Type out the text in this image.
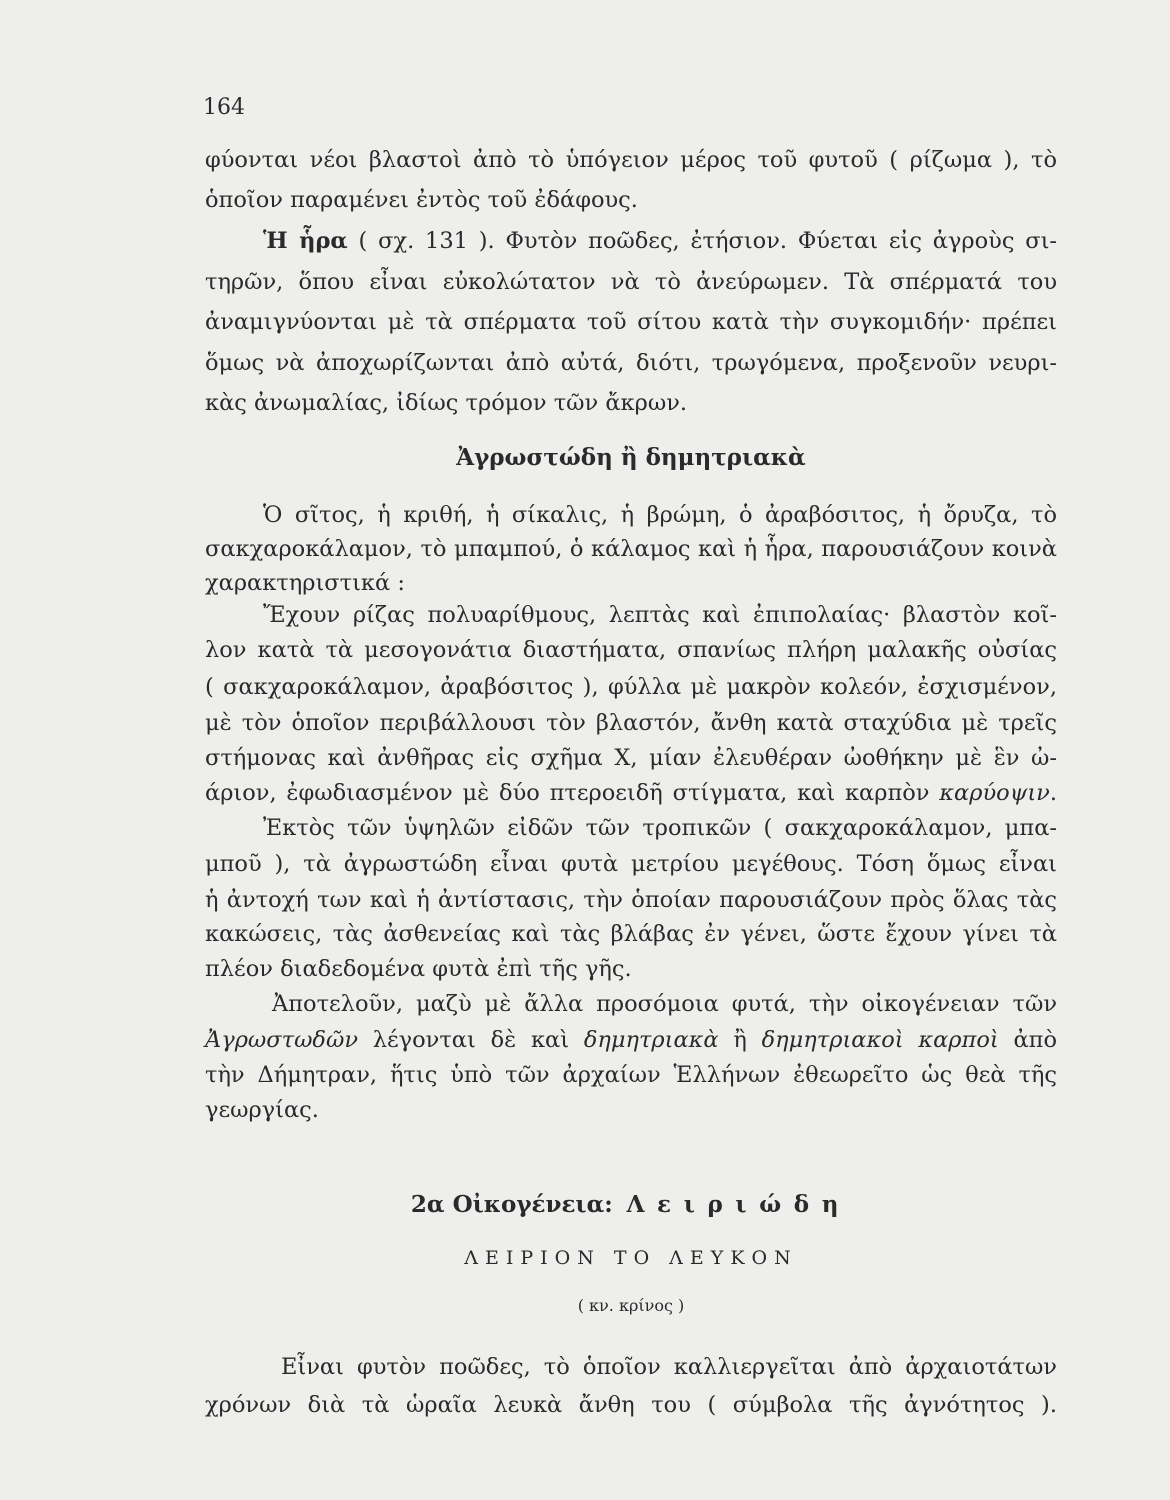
164
Ἀγρωστώδη ἢ δημητριακὰ
2α Οἰκογένεια: Λειριώδη
ΛΕΙΡΙΟΝ ΤΟ ΛΕΥΚΟΝ
( κν. κρίνος )
φύονται νέοι βλαστοὶ ἀπὸ τὸ ὑπόγειον μέρος τοῦ φυτοῦ ( ρίζωμα ), τὸ
ὁποῖον παραμένει ἐντὸς τοῦ ἐδάφους.
Ἡ ἧρα ( σχ. 131 ). Φυτὸν ποῶδες, ἐτήσιον. Φύεται εἰς ἀγροὺς σι-
τηρῶν, ὅπου εἶναι εὐκολώτατον νὰ τὸ ἀνεύρωμεν. Τὰ σπέρματά του
ἀναμιγνύονται μὲ τὰ σπέρματα τοῦ σίτου κατὰ τὴν συγκομιδήν· πρέπει
ὅμως νὰ ἀποχωρίζωνται ἀπὸ αὐτά, διότι, τρωγόμενα, προξενοῦν νευρι-
κὰς ἀνωμαλίας, ἰδίως τρόμον τῶν ἄκρων.
Ὁ σῖτος, ἡ κριθή, ἡ σίκαλις, ἡ βρώμη, ὁ ἀραβόσιτος, ἡ ὄρυζα, τὸ
σακχαροκάλαμον, τὸ μπαμπού, ὁ κάλαμος καὶ ἡ ἧρα, παρουσιάζουν κοινὰ
χαρακτηριστικά :
Ἔχουν ρίζας πολυαρίθμους, λεπτὰς καὶ ἐπιπολαίας· βλαστὸν κοῖ-
λον κατὰ τὰ μεσογονάτια διαστήματα, σπανίως πλήρη μαλακῆς οὐσίας
( σακχαροκάλαμον, ἀραβόσιτος ), φύλλα μὲ μακρὸν κολεόν, ἐσχισμένον,
μὲ τὸν ὁποῖον περιβάλλουσι τὸν βλαστόν, ἄνθη κατὰ σταχύδια μὲ τρεῖς
στήμονας καὶ ἀνθῆρας εἰς σχῆμα Χ, μίαν ἐλευθέραν ὠοθήκην μὲ ἓν ὠ-
άριον, ἐφωδιασμένον μὲ δύο πτεροειδῆ στίγματα, καὶ καρπὸν καρύοψιν.
Ἐκτὸς τῶν ὑψηλῶν εἰδῶν τῶν τροπικῶν ( σακχαροκάλαμον, μπα-
μποῦ ), τὰ ἀγρωστώδη εἶναι φυτὰ μετρίου μεγέθους. Τόση ὅμως εἶναι
ἡ ἀντοχή των καὶ ἡ ἀντίστασις, τὴν ὁποίαν παρουσιάζουν πρὸς ὅλας τὰς
κακώσεις, τὰς ἀσθενείας καὶ τὰς βλάβας ἐν γένει, ὥστε ἔχουν γίνει τὰ
πλέον διαδεδομένα φυτὰ ἐπὶ τῆς γῆς.
Ἀποτελοῦν, μαζὺ μὲ ἄλλα προσόμοια φυτά, τὴν οἰκογένειαν τῶν
Ἀγρωστωδῶν λέγονται δὲ καὶ δημητριακὰ ἢ δημητριακοὶ καρποὶ ἀπὸ
τὴν Δήμητραν, ἥτις ὑπὸ τῶν ἀρχαίων Ἑλλήνων ἐθεωρεῖτο ὡς θεὰ τῆς
γεωργίας.
Εἶναι φυτὸν ποῶδες, τὸ ὁποῖον καλλιεργεῖται ἀπὸ ἀρχαιοτάτων
χρόνων διὰ τὰ ὡραῖα λευκὰ ἄνθη του ( σύμβολα τῆς ἀγνότητος ).
